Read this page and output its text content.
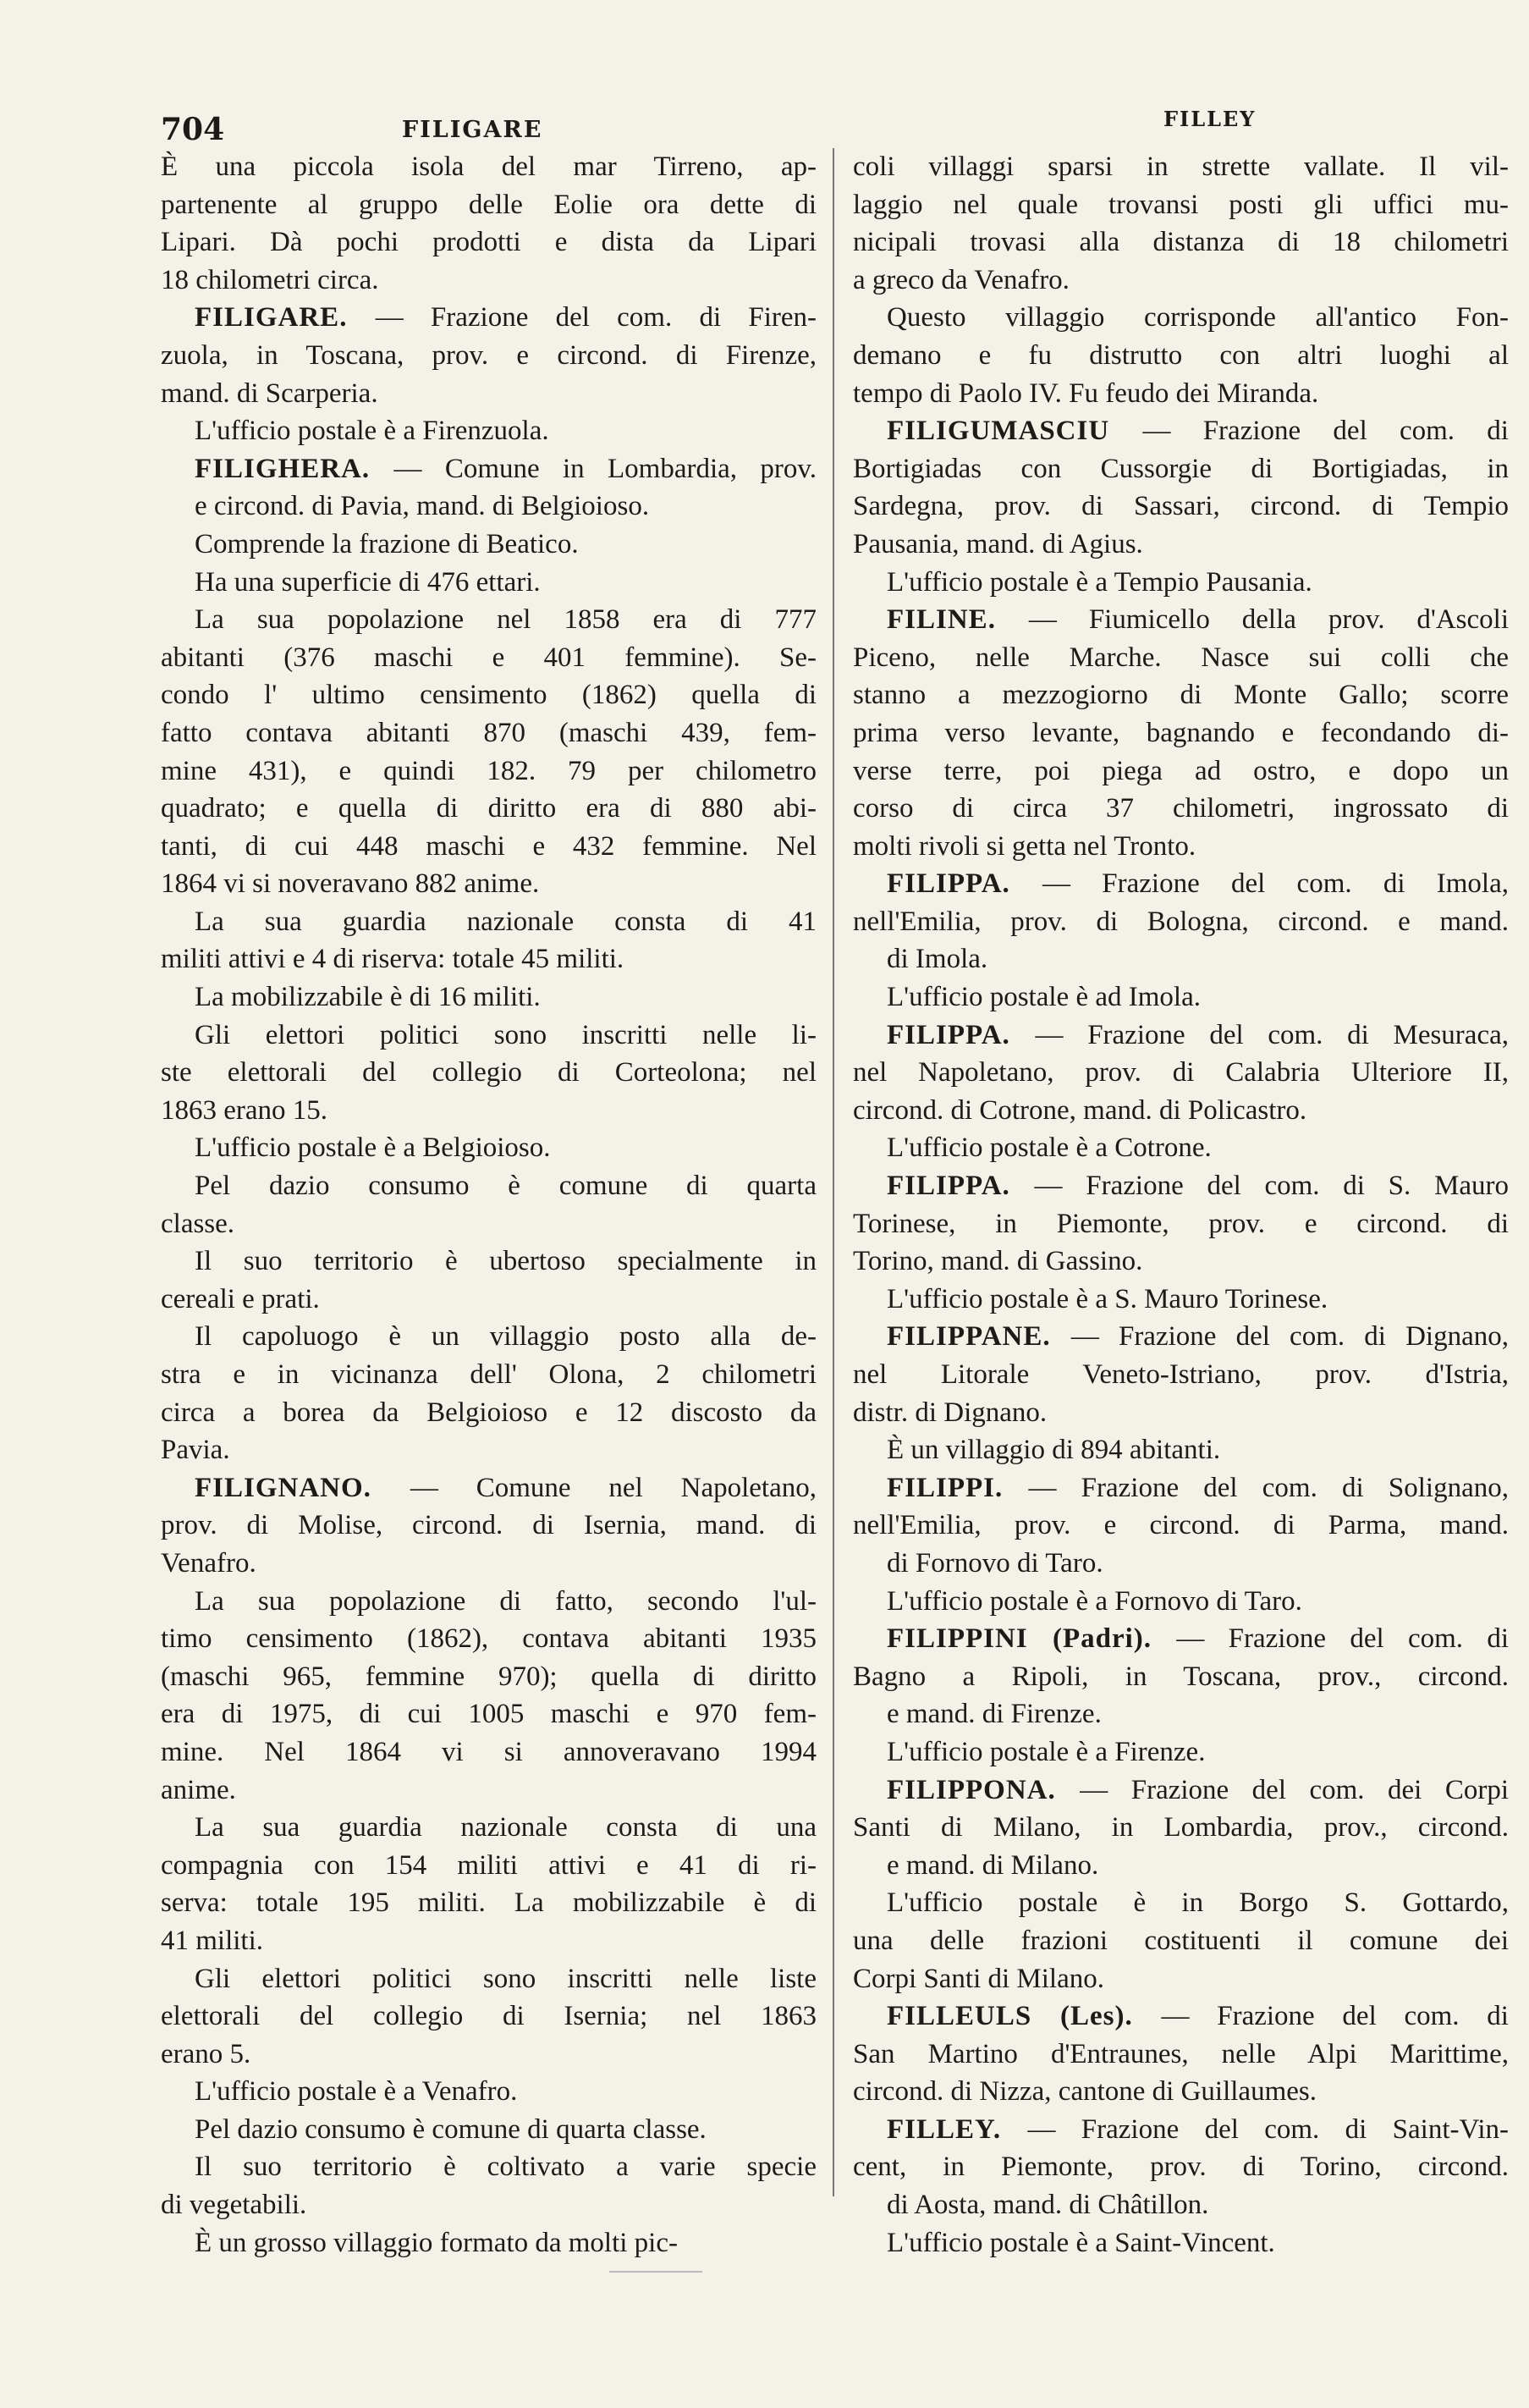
704	FILIGARE	FILLEY
È una piccola isola del mar Tirreno, ap-
partenente al gruppo delle Eolie ora dette di
Lipari. Dà pochi prodotti e dista da Lipari
18 chilometri circa.
FILIGARE. — Frazione del com. di Firen-
zuola, in Toscana, prov. e circond. di Firenze,
mand. di Scarperia.
L'ufficio postale è a Firenzuola.
FILIGHERA. — Comune in Lombardia, prov.
e circond. di Pavia, mand. di Belgioioso.
Comprende la frazione di Beatico.
Ha una superficie di 476 ettari.
La sua popolazione nel 1858 era di 777
abitanti (376 maschi e 401 femmine). Se-
condo l' ultimo censimento (1862) quella di
fatto contava abitanti 870 (maschi 439, fem-
mine 431), e quindi 182. 79 per chilometro
quadrato; e quella di diritto era di 880 abi-
tanti, di cui 448 maschi e 432 femmine. Nel
1864 vi si noveravano 882 anime.
La sua guardia nazionale consta di 41
militi attivi e 4 di riserva: totale 45 militi.
La mobilizzabile è di 16 militi.
Gli elettori politici sono inscritti nelle li-
ste elettorali del collegio di Corteolona; nel
1863 erano 15.
L'ufficio postale è a Belgioioso.
Pel dazio consumo è comune di quarta
classe.
Il suo territorio è ubertoso specialmente in
cereali e prati.
Il capoluogo è un villaggio posto alla de-
stra e in vicinanza dell' Olona, 2 chilometri
circa a borea da Belgioioso e 12 discosto da
Pavia.
FILIGNANO. — Comune nel Napoletano,
prov. di Molise, circond. di Isernia, mand. di
Venafro.
La sua popolazione di fatto, secondo l'ul-
timo censimento (1862), contava abitanti 1935
(maschi 965, femmine 970); quella di diritto
era di 1975, di cui 1005 maschi e 970 fem-
mine. Nel 1864 vi si annoveravano 1994
anime.
La sua guardia nazionale consta di una
compagnia con 154 militi attivi e 41 di ri-
serva: totale 195 militi. La mobilizzabile è di
41 militi.
Gli elettori politici sono inscritti nelle liste
elettorali del collegio di Isernia; nel 1863
erano 5.
L'ufficio postale è a Venafro.
Pel dazio consumo è comune di quarta classe.
Il suo territorio è coltivato a varie specie
di vegetabili.
È un grosso villaggio formato da molti pic-
coli villaggi sparsi in strette vallate. Il vil-
laggio nel quale trovansi posti gli uffici mu-
nicipali trovasi alla distanza di 18 chilometri
a greco da Venafro.
Questo villaggio corrisponde all'antico Fon-
demano e fu distrutto con altri luoghi al
tempo di Paolo IV. Fu feudo dei Miranda.
FILIGUMASCIU — Frazione del com. di
Bortigiadas con Cussorgie di Bortigiadas, in
Sardegna, prov. di Sassari, circond. di Tempio
Pausania, mand. di Agius.
L'ufficio postale è a Tempio Pausania.
FILINE. — Fiumicello della prov. d'Ascoli
Piceno, nelle Marche. Nasce sui colli che
stanno a mezzogiorno di Monte Gallo; scorre
prima verso levante, bagnando e fecondando di-
verse terre, poi piega ad ostro, e dopo un
corso di circa 37 chilometri, ingrossato di
molti rivoli si getta nel Tronto.
FILIPPA. — Frazione del com. di Imola,
nell'Emilia, prov. di Bologna, circond. e mand.
di Imola.
L'ufficio postale è ad Imola.
FILIPPA. — Frazione del com. di Mesuraca,
nel Napoletano, prov. di Calabria Ulteriore II,
circond. di Cotrone, mand. di Policastro.
L'ufficio postale è a Cotrone.
FILIPPA. — Frazione del com. di S. Mauro
Torinese, in Piemonte, prov. e circond. di
Torino, mand. di Gassino.
L'ufficio postale è a S. Mauro Torinese.
FILIPPANE. — Frazione del com. di Dignano,
nel Litorale Veneto-Istriano, prov. d'Istria,
distr. di Dignano.
È un villaggio di 894 abitanti.
FILIPPI. — Frazione del com. di Solignano,
nell'Emilia, prov. e circond. di Parma, mand.
di Fornovo di Taro.
L'ufficio postale è a Fornovo di Taro.
FILIPPINI (Padri). — Frazione del com. di
Bagno a Ripoli, in Toscana, prov., circond.
e mand. di Firenze.
L'ufficio postale è a Firenze.
FILIPPONA. — Frazione del com. dei Corpi
Santi di Milano, in Lombardia, prov., circond.
e mand. di Milano.
L'ufficio postale è in Borgo S. Gottardo,
una delle frazioni costituenti il comune dei
Corpi Santi di Milano.
FILLEULS (Les). — Frazione del com. di
San Martino d'Entraunes, nelle Alpi Marittime,
circond. di Nizza, cantone di Guillaumes.
FILLEY. — Frazione del com. di Saint-Vin-
cent, in Piemonte, prov. di Torino, circond.
di Aosta, mand. di Châtillon.
L'ufficio postale è a Saint-Vincent.
